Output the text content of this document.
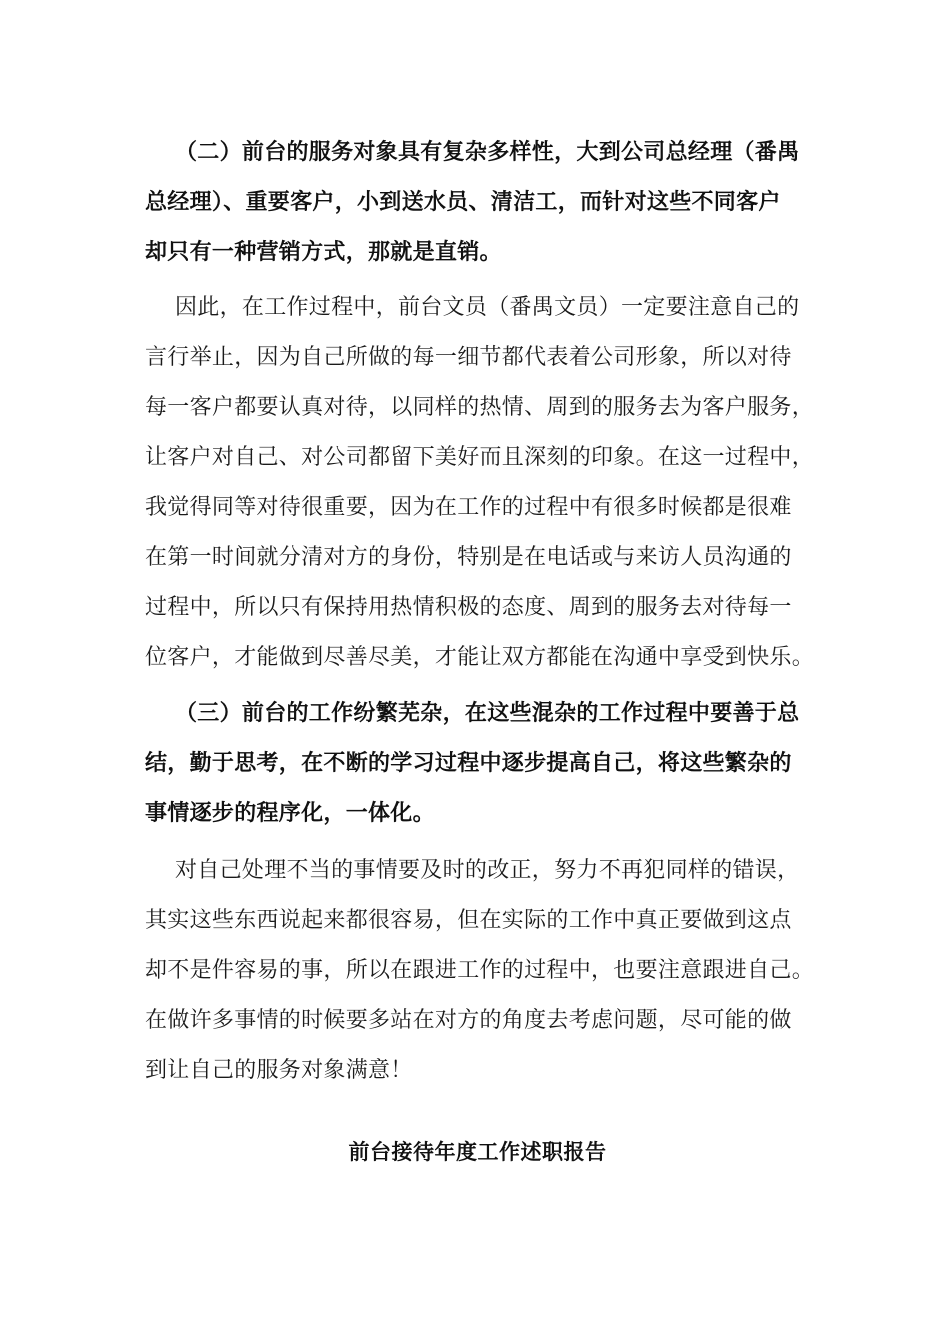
（二）前台的服务对象具有复杂多样性，大到公司总经理（番禺
总经理）、重要客户，小到送水员、清洁工，而针对这些不同客户
却只有一种营销方式，那就是直销。
因此，在工作过程中，前台文员（番禺文员）一定要注意自己的
言行举止，因为自己所做的每一细节都代表着公司形象，所以对待
每一客户都要认真对待，以同样的热情、周到的服务去为客户服务，
让客户对自己、对公司都留下美好而且深刻的印象。在这一过程中，
我觉得同等对待很重要，因为在工作的过程中有很多时候都是很难
在第一时间就分清对方的身份，特别是在电话或与来访人员沟通的
过程中，所以只有保持用热情积极的态度、周到的服务去对待每一
位客户，才能做到尽善尽美，才能让双方都能在沟通中享受到快乐。
（三）前台的工作纷繁芜杂，在这些混杂的工作过程中要善于总
结，勤于思考，在不断的学习过程中逐步提高自己，将这些繁杂的
事情逐步的程序化，一体化。
对自己处理不当的事情要及时的改正，努力不再犯同样的错误，
其实这些东西说起来都很容易，但在实际的工作中真正要做到这点
却不是件容易的事，所以在跟进工作的过程中，也要注意跟进自己。
在做许多事情的时候要多站在对方的角度去考虑问题，尽可能的做
到让自己的服务对象满意！
前台接待年度工作述职报告
